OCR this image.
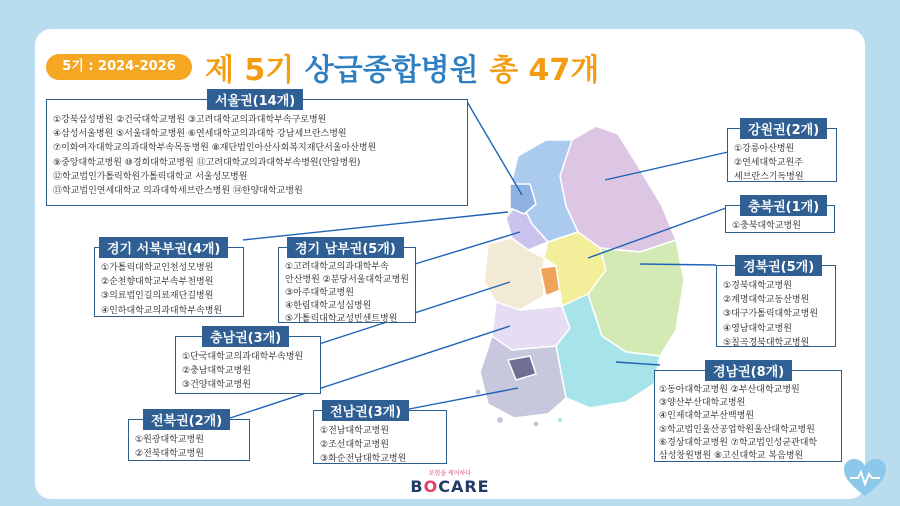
5기 : 2024-2026 제 5기 상급종합병원 총 47개
서울권(14개)
①강북삼성병원 ②건국대학교병원 ③고려대학교의과대학부속구로병원
④삼성서울병원 ⑤서울대학교병원 ⑥연세대학교의과대학 강남세브란스병원
⑦이화여자대학교의과대학부속목동병원 ⑧재단법인아산사회복지재단서울아산병원
⑨중앙대학교병원 ⑩경희대학교병원 ⑪고려대학교의과대학부속병원(안암병원)
⑫학교법인가톨릭학원가톨릭대학교 서울성모병원
⑬학교법인연세대학교 의과대학세브란스병원 ⑭한양대학교병원
강원권(2개)
①강릉아산병원
②연세대학교원주
세브란스기독병원
충북권(1개)
①충북대학교병원
경기 서북부권(4개)
①가톨릭대학교인천성모병원
②순천향대학교부속부천병원
③의료법인길의료재단길병원
④인하대학교의과대학부속병원
경기 남부권(5개)
①고려대학교의과대학부속
안산병원 ②분당서울대학교병원
③아주대학교병원
④한림대학교성심병원
⑤가톨릭대학교성빈센트병원
경북권(5개)
①경북대학교병원
②계명대학교동산병원
③대구가톨릭대학교병원
④영남대학교병원
⑤칠곡경북대학교병원
충남권(3개)
①단국대학교의과대학부속병원
②충남대학교병원
③건양대학교병원
경남권(8개)
①동아대학교병원 ②부산대학교병원
③양산부산대학교병원
④인제대학교부산백병원
⑤학교법인울산공업학원울산대학교병원
⑥경상대학교병원 ⑦학교법인성균관대학
삼성창원병원 ⑧고신대학교 복음병원
전북권(2개)
①원광대학교병원
②전북대학교병원
전남권(3개)
①전남대학교병원
②조선대학교병원
③화순전남대학교병원
보험을 케어하다
BOCARE
